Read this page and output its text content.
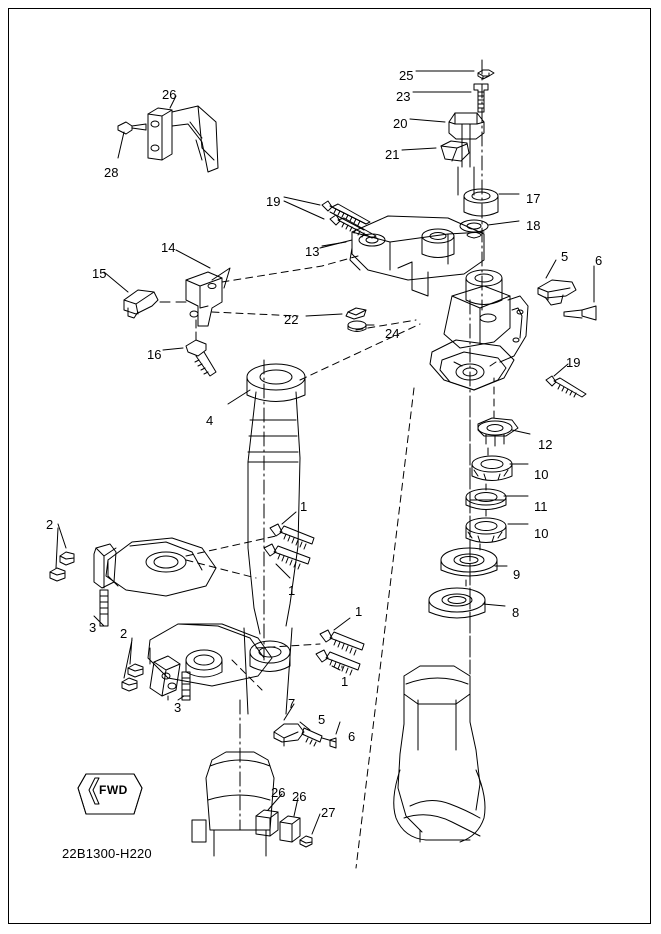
25
23
20
21
26
28
19	17
18
13
14
15
5 6
22
24
16
19
4
12
10
11
10
9
8
1
1
2
3 2
1
1
3	7
5
6
26 26
27
FWD
22B1300-H220
